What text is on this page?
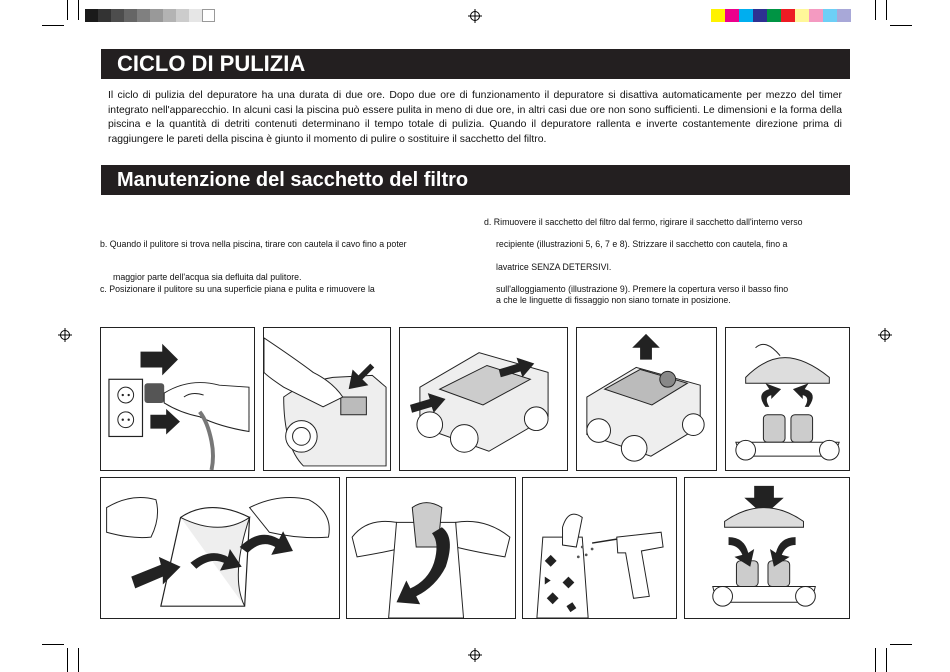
CICLO DI PULIZIA
Il ciclo di pulizia del depuratore ha una durata di due ore. Dopo due ore di funzionamento il depuratore si disattiva automaticamente per mezzo del timer integrato nell'apparecchio. In alcuni casi la piscina può essere pulita in meno di due ore, in altri casi due ore non sono sufficienti. Le dimensioni e la forma della piscina e la quantità di detriti contenuti determinano il tempo totale di pulizia. Quando il depuratore rallenta e inverte costantemente direzione prima di raggiungere le pareti della piscina è giunto il momento di pulire o sostituire il sacchetto del filtro.
Manutenzione del sacchetto del filtro
b. Quando il pulitore si trova nella piscina, tirare con cautela il cavo fino a poter
maggior parte dell'acqua sia defluita dal pulitore.
c. Posizionare il pulitore su una superficie piana e pulita e rimuovere la
d. Rimuovere il sacchetto del filtro dal fermo, rigirare il sacchetto dall'interno verso
recipiente (illustrazioni 5, 6, 7 e 8). Strizzare il sacchetto con cautela, fino a
lavatrice SENZA DETERSIVI.
sull'alloggiamento (illustrazione 9). Premere la copertura verso il basso fino
a che le linguette di fissaggio non siano tornate in posizione.
